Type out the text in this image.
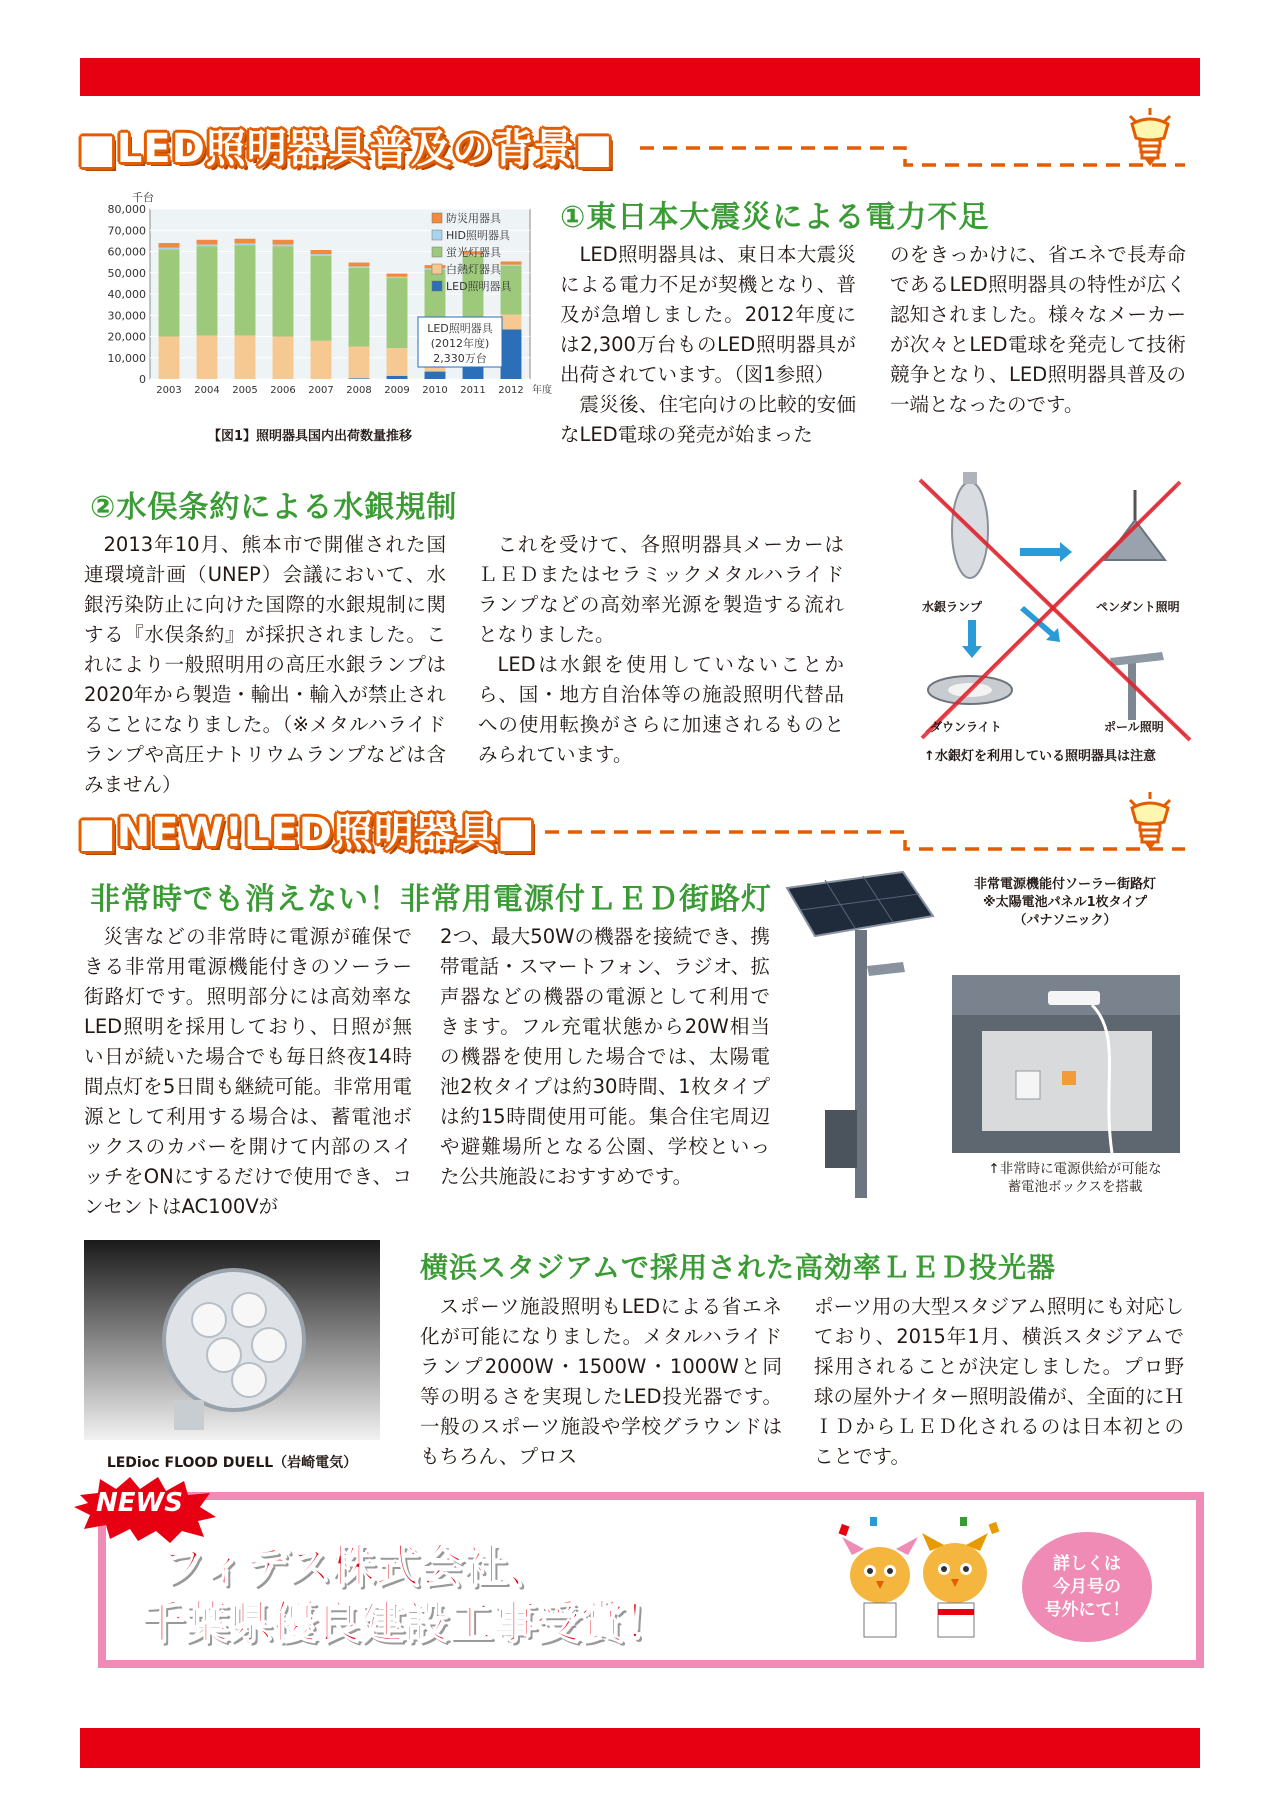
■LED照明器具普及の背景■
0
10,000
20,000
30,000
40,000
50,000
60,000
70,000
80,000
千台
2003 2004 2005 2006 2007 2008 2009 2010 2011 2012 年度
防災用器具
HID照明器具
蛍光灯器具
白熱灯器具
LED照明器具
LED照明器具
(2012年度)
2,330万台
【図1】照明器具国内出荷数量推移
①東日本大震災による電力不足

LED照明器具は、東日本大震災による電力不足が契機となり、普及が急増しました。2012年度には2,300万台ものLED照明器具が出荷されています。（図1参照）

震災後、住宅向けの比較的安価なLED電球の発売が始まった

のをきっかけに、省エネで長寿命であるLED照明器具の特性が広く認知されました。様々なメーカーが次々とLED電球を発売して技術競争となり、LED照明器具普及の一端となったのです。

②水俣条約による水銀規制

2013年10月、熊本市で開催された国連環境計画（UNEP）会議において、水銀汚染防止に向けた国際的水銀規制に関する『水俣条約』が採択されました。これにより一般照明用の高圧水銀ランプは2020年から製造・輸出・輸入が禁止されることになりました。（※メタルハライドランプや高圧ナトリウムランプなどは含みません）

これを受けて、各照明器具メーカーはＬＥＤまたはセラミックメタルハライドランプなどの高効率光源を製造する流れとなりました。

LEDは水銀を使用していないことから、国・地方自治体等の施設照明代替品への使用転換がさらに加速されるものとみられています。

水銀ランプ	ペンダント照明
ダウンライト	ポール照明
↑水銀灯を利用している照明器具は注意
■NEW!LED照明器具■
非常時でも消えない！非常用電源付ＬＥＤ街路灯

災害などの非常時に電源が確保できる非常用電源機能付きのソーラー街路灯です。照明部分には高効率なLED照明を採用しており、日照が無い日が続いた場合でも毎日終夜14時間点灯を5日間も継続可能。非常用電源として利用する場合は、蓄電池ボックスのカバーを開けて内部のスイッチをONにするだけで使用でき、コンセントはAC100Vが

2つ、最大50Wの機器を接続でき、携帯電話・スマートフォン、ラジオ、拡声器などの機器の電源として利用できます。フル充電状態から20W相当の機器を使用した場合では、太陽電池2枚タイプは約30時間、1枚タイプは約15時間使用可能。集合住宅周辺や避難場所となる公園、学校といった公共施設におすすめです。

非常電源機能付ソーラー街路灯
※太陽電池パネル1枚タイプ
（パナソニック）
↑非常時に電源供給が可能な
蓄電池ボックスを搭載
LEDioc FLOOD DUELL（岩崎電気）
横浜スタジアムで採用された高効率ＬＥＤ投光器

スポーツ施設照明もLEDによる省エネ化が可能になりました。メタルハライドランプ2000W・1500W・1000Wと同等の明るさを実現したLED投光器です。一般のスポーツ施設や学校グラウンドはもちろん、プロス

ポーツ用の大型スタジアム照明にも対応しており、2015年1月、横浜スタジアムで採用されることが決定しました。プロ野球の屋外ナイター照明設備が、全面的にＨＩＤからＬＥＤ化されるのは日本初とのことです。

NEWS
フィデス株式会社、
千葉県優良建設工事受賞！
詳しくは
今月号の
号外にて！
